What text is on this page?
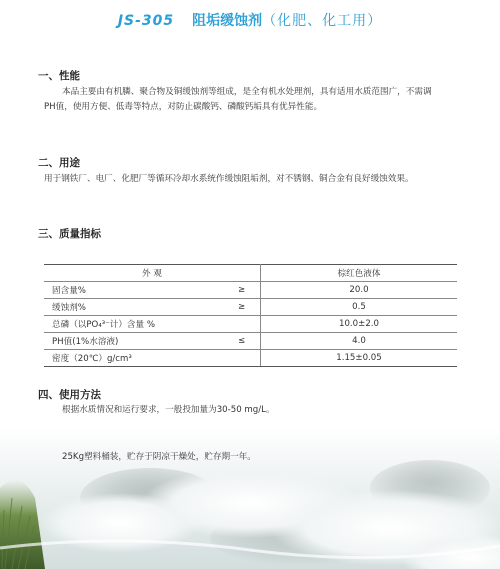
JS-305 阻垢缓蚀剂（化肥、化工用）
一、性能
本品主要由有机膦、聚合物及铜缓蚀剂等组成，是全有机水处理剂，具有适用水质范围广，不需调
PH值，使用方便、低毒等特点，对防止碳酸钙、磷酸钙垢具有优异性能。
二、用途
用于钢铁厂、电厂、化肥厂等循环冷却水系统作缓蚀阻垢剂，对不锈钢、铜合金有良好缓蚀效果。
三、质量指标
外 观		棕红色液体
固含量%	≥	20.0
缓蚀剂%	≥	0.5
总磷（以PO₄³⁻计）含量 %		10.0±2.0
PH值(1%水溶液)	≤	4.0
密度（20℃）g/cm³		1.15±0.05
四、使用方法
根据水质情况和运行要求，一般投加量为30-50 mg/L。
25Kg塑料桶装，贮存于阴凉干燥处，贮存期一年。
